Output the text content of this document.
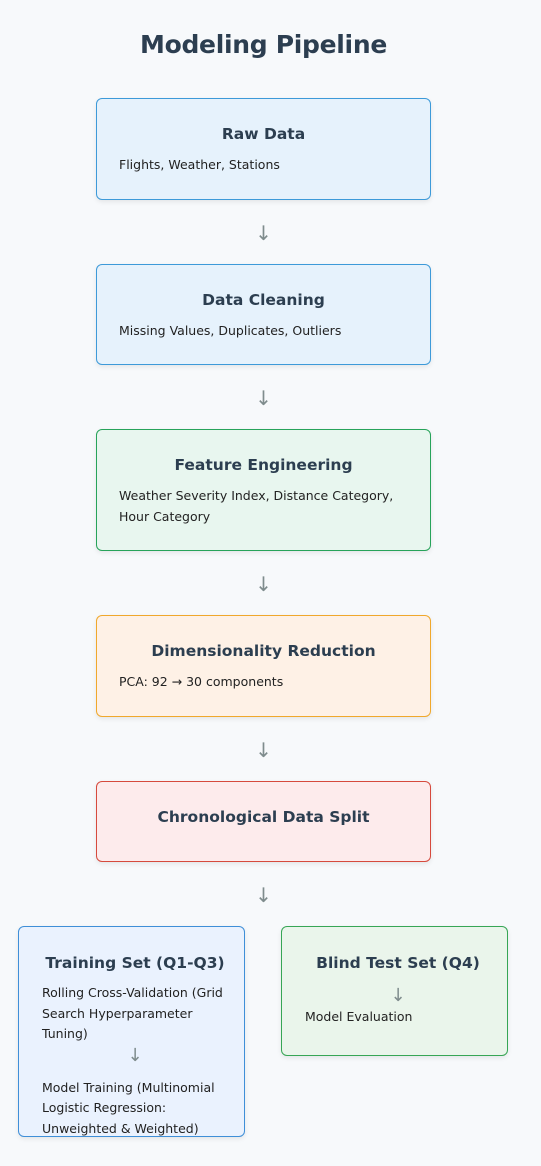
Modeling Pipeline
Raw Data
Flights, Weather, Stations
↓
Data Cleaning
Missing Values, Duplicates, Outliers
↓
Feature Engineering
Weather Severity Index, Distance Category, Hour Category
↓
Dimensionality Reduction
PCA: 92 → 30 components
↓
Chronological Data Split
↓
Training Set (Q1-Q3)
Rolling Cross-Validation (Grid Search Hyperparameter Tuning)
↓
Model Training (Multinomial Logistic Regression: Unweighted & Weighted)
Blind Test Set (Q4)
↓
Model Evaluation
